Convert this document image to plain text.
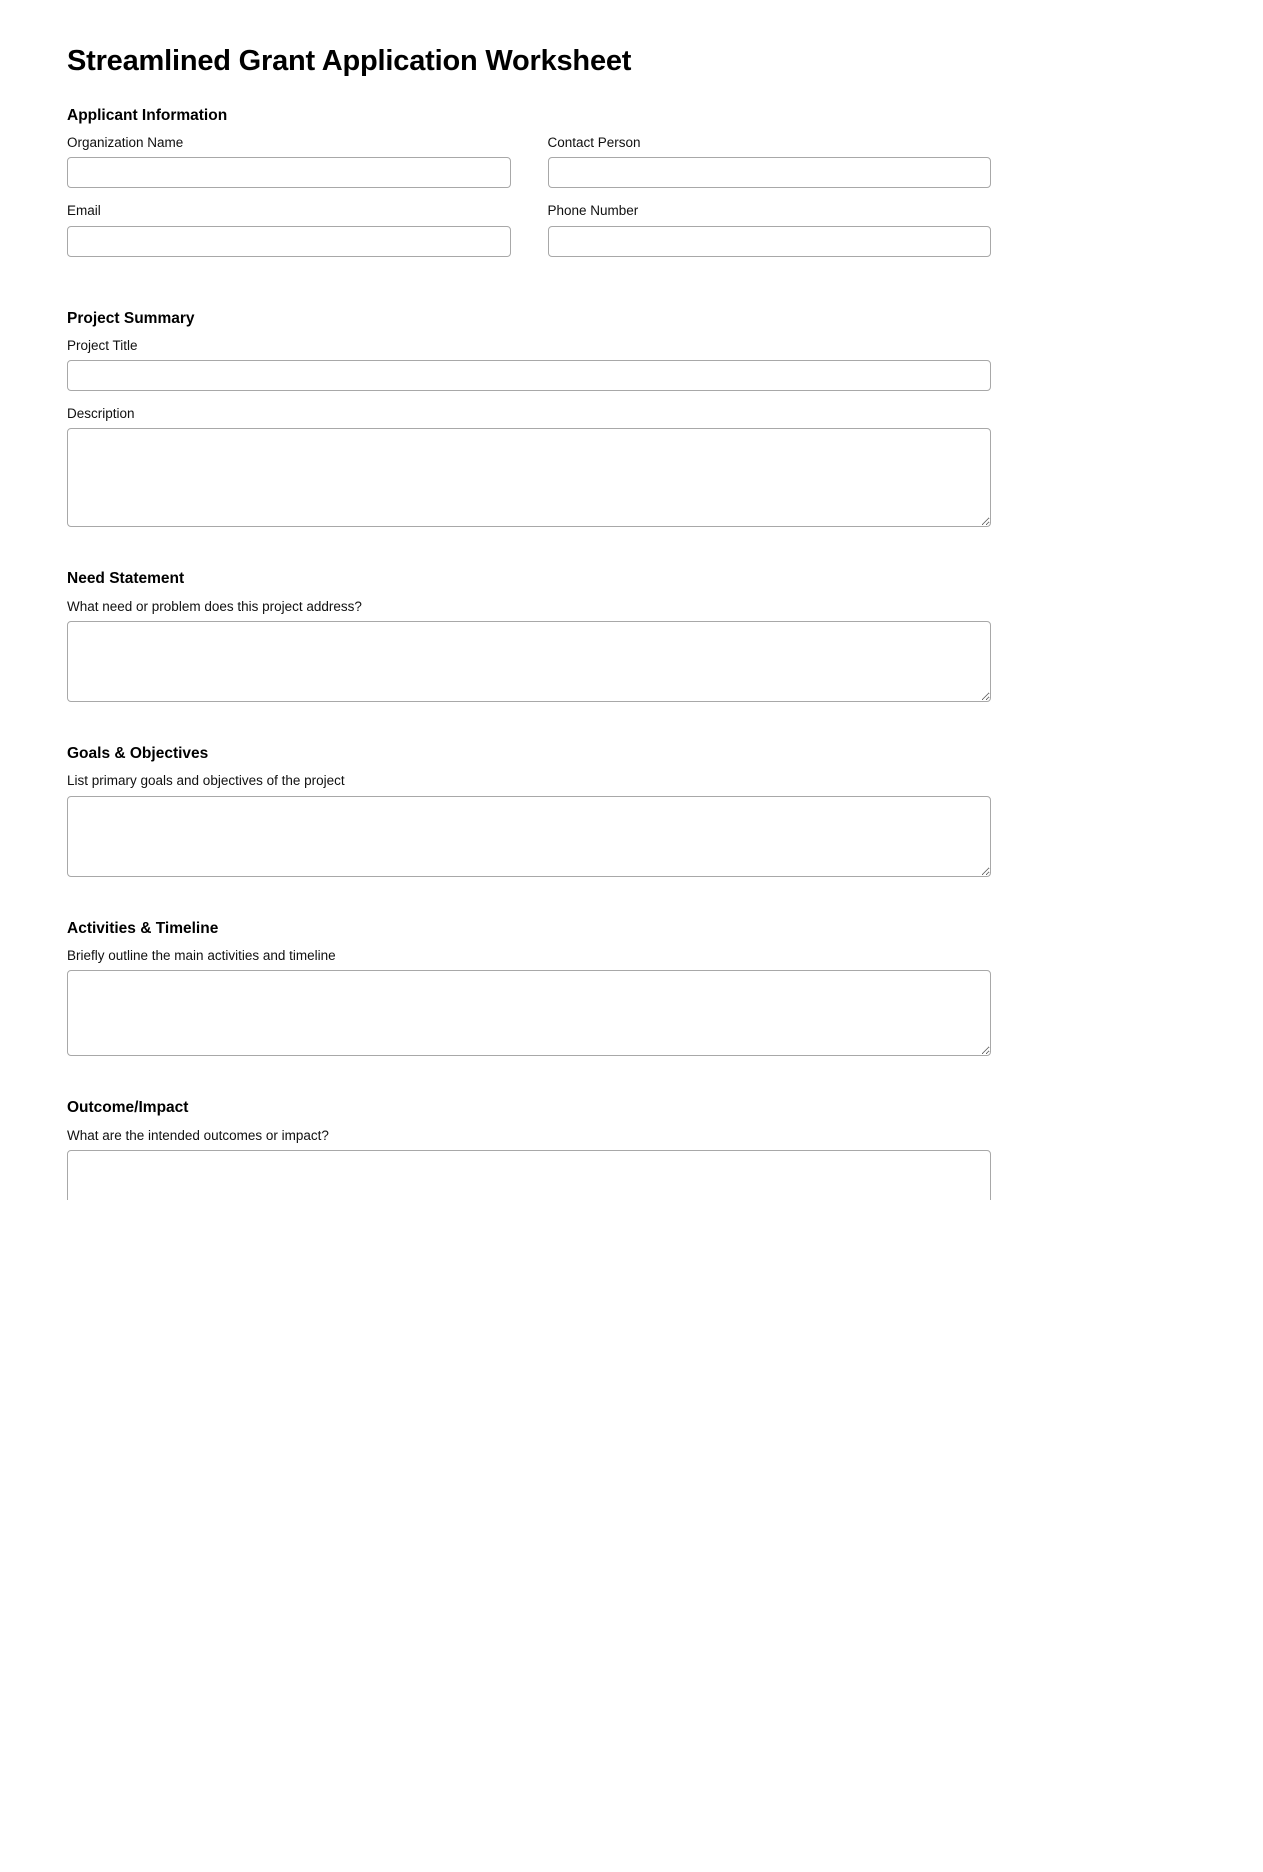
Streamlined Grant Application Worksheet
Applicant Information
Organization Name	Contact Person
Email	Phone Number
Project Summary
Project Title
Description
Need Statement
What need or problem does this project address?
Goals & Objectives
List primary goals and objectives of the project
Activities & Timeline
Briefly outline the main activities and timeline
Outcome/Impact
What are the intended outcomes or impact?
